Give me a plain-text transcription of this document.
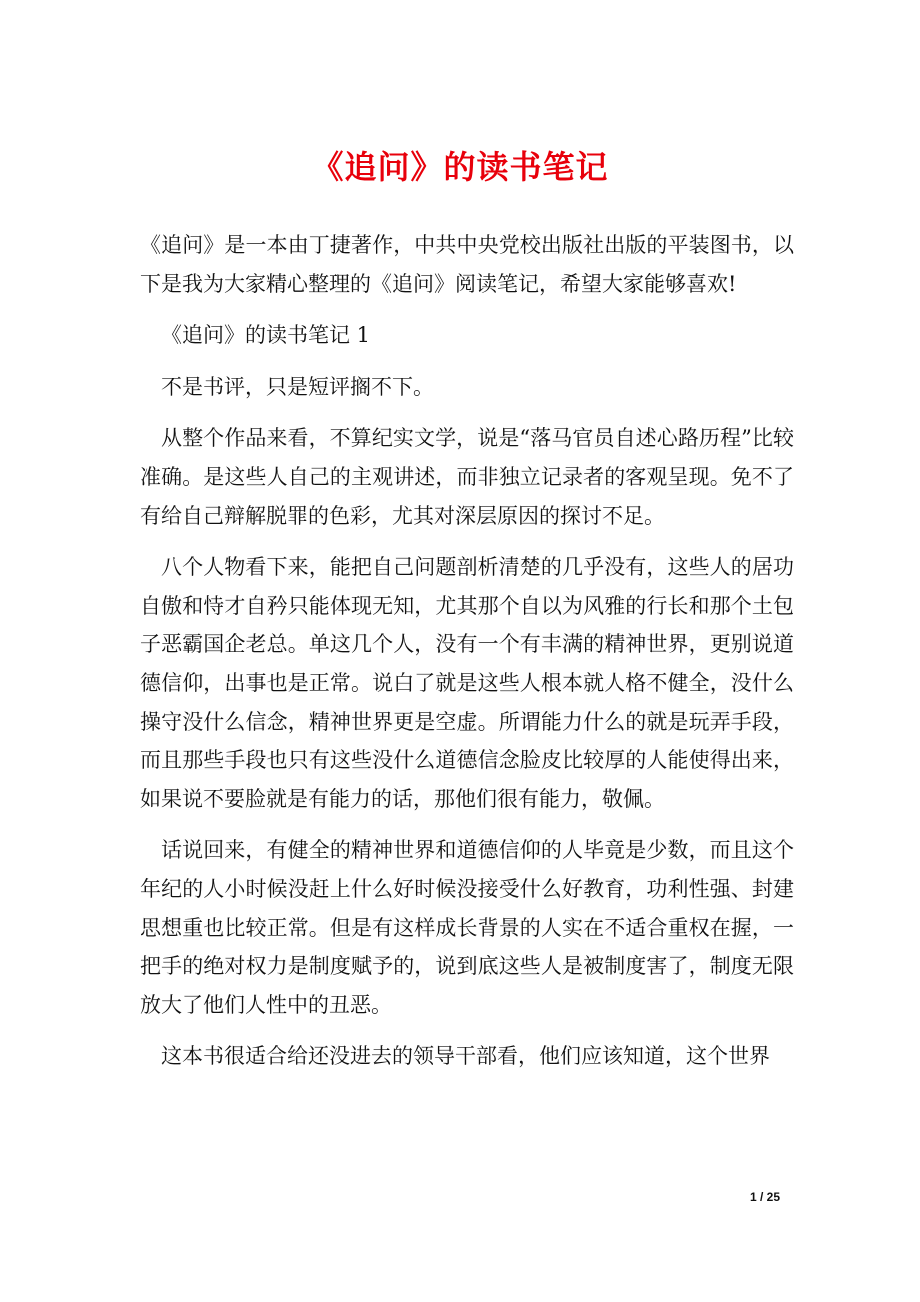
《追问》的读书笔记

《追问》是一本由丁捷著作，中共中央党校出版社出版的平装图书，以下是我为大家精心整理的《追问》阅读笔记，希望大家能够喜欢!

《追问》的读书笔记 1

不是书评，只是短评搁不下。

从整个作品来看，不算纪实文学，说是“落马官员自述心路历程”比较准确。是这些人自己的主观讲述，而非独立记录者的客观呈现。免不了有给自己辩解脱罪的色彩，尤其对深层原因的探讨不足。

八个人物看下来，能把自己问题剖析清楚的几乎没有，这些人的居功自傲和恃才自矜只能体现无知，尤其那个自以为风雅的行长和那个土包子恶霸国企老总。单这几个人，没有一个有丰满的精神世界，更别说道德信仰，出事也是正常。说白了就是这些人根本就人格不健全，没什么操守没什么信念，精神世界更是空虚。所谓能力什么的就是玩弄手段，而且那些手段也只有这些没什么道德信念脸皮比较厚的人能使得出来，如果说不要脸就是有能力的话，那他们很有能力，敬佩。

话说回来，有健全的精神世界和道德信仰的人毕竟是少数，而且这个年纪的人小时候没赶上什么好时候没接受什么好教育，功利性强、封建思想重也比较正常。但是有这样成长背景的人实在不适合重权在握，一把手的绝对权力是制度赋予的，说到底这些人是被制度害了，制度无限放大了他们人性中的丑恶。

这本书很适合给还没进去的领导干部看，他们应该知道，这个世界

1 / 25
